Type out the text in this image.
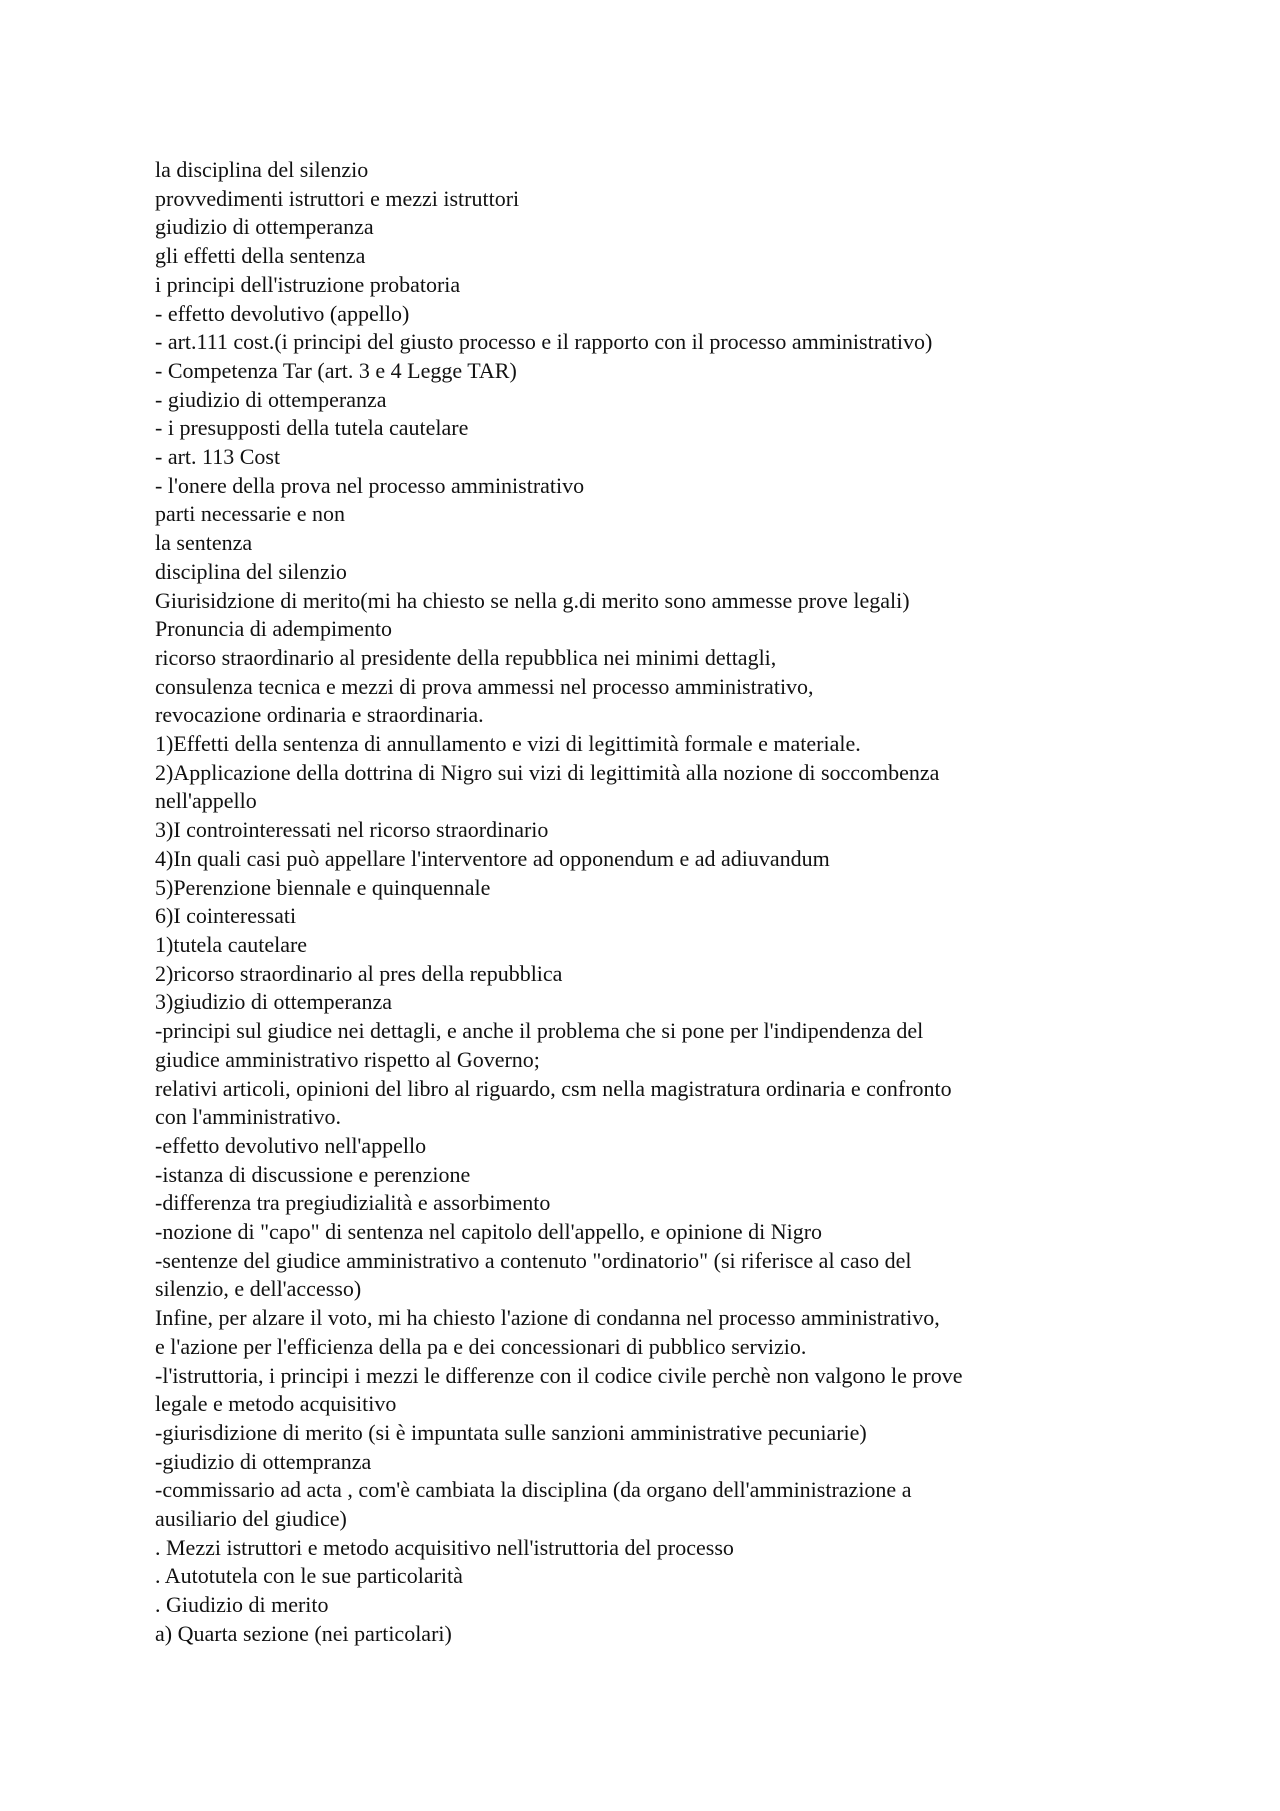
la disciplina del silenzio
provvedimenti istruttori e mezzi istruttori
giudizio di ottemperanza
gli effetti della sentenza
i principi dell'istruzione probatoria
- effetto devolutivo (appello)
- art.111 cost.(i principi del giusto processo e il rapporto con il processo amministrativo)
- Competenza Tar (art. 3 e 4 Legge TAR)
- giudizio di ottemperanza
- i presupposti della tutela cautelare
- art. 113 Cost
- l'onere della prova nel processo amministrativo
parti necessarie e non
la sentenza
disciplina del silenzio
Giurisidzione di merito(mi ha chiesto se nella g.di merito sono ammesse prove legali)
Pronuncia di adempimento
ricorso straordinario al presidente della repubblica nei minimi dettagli,
consulenza tecnica e mezzi di prova ammessi nel processo amministrativo,
revocazione ordinaria e straordinaria.
1)Effetti della sentenza di annullamento e vizi di legittimità formale e materiale.
2)Applicazione della dottrina di Nigro sui vizi di legittimità alla nozione di soccombenza
nell'appello
3)I controinteressati nel ricorso straordinario
4)In quali casi può appellare l'interventore ad opponendum e ad adiuvandum
5)Perenzione biennale e quinquennale
6)I cointeressati
1)tutela cautelare
2)ricorso straordinario al pres della repubblica
3)giudizio di ottemperanza
-principi sul giudice nei dettagli, e anche il problema che si pone per l'indipendenza del
giudice amministrativo rispetto al Governo;
relativi articoli, opinioni del libro al riguardo, csm nella magistratura ordinaria e confronto
con l'amministrativo.
-effetto devolutivo nell'appello
-istanza di discussione e perenzione
-differenza tra pregiudizialità e assorbimento
-nozione di "capo" di sentenza nel capitolo dell'appello, e opinione di Nigro
-sentenze del giudice amministrativo a contenuto "ordinatorio" (si riferisce al caso del
silenzio, e dell'accesso)
Infine, per alzare il voto, mi ha chiesto l'azione di condanna nel processo amministrativo,
e l'azione per l'efficienza della pa e dei concessionari di pubblico servizio.
-l'istruttoria, i principi i mezzi le differenze con il codice civile perchè non valgono le prove
legale e metodo acquisitivo
-giurisdizione di merito (si è impuntata sulle sanzioni amministrative pecuniarie)
-giudizio di ottempranza
-commissario ad acta , com'è cambiata la disciplina (da organo dell'amministrazione a
ausiliario del giudice)
. Mezzi istruttori e metodo acquisitivo nell'istruttoria del processo
. Autotutela con le sue particolarità
. Giudizio di merito
a) Quarta sezione (nei particolari)
